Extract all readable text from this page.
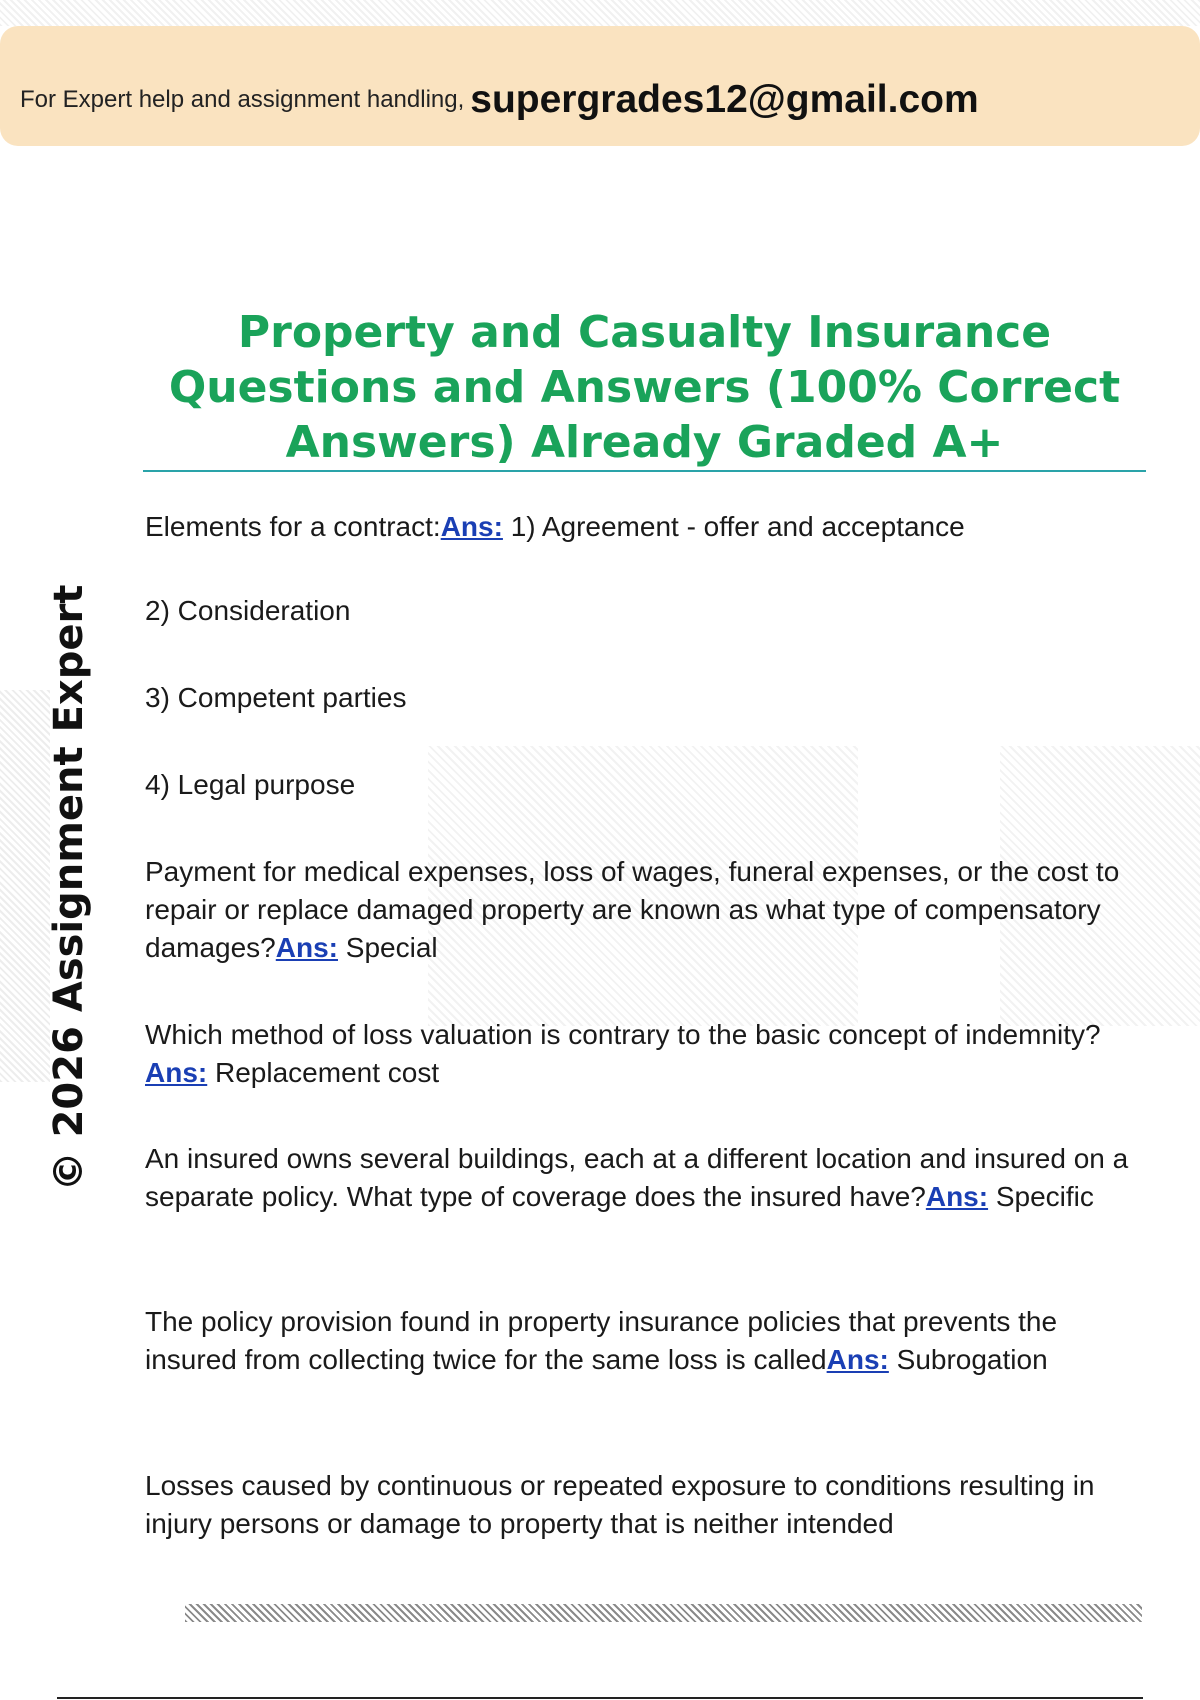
For Expert help and assignment handling, supergrades12@gmail.com
© 2026 Assignment Expert
Property and Casualty Insurance Questions and Answers (100% Correct Answers) Already Graded A+

Elements for a contract:Ans: 1) Agreement - offer and acceptance

2) Consideration

3) Competent parties

4) Legal purpose

Payment for medical expenses, loss of wages, funeral expenses, or the cost to repair or replace damaged property are known as what type of compensatory damages?Ans: Special

Which method of loss valuation is contrary to the basic concept of indemnity?Ans: Replacement cost

An insured owns several buildings, each at a different location and insured on a separate policy. What type of coverage does the insured have?Ans: Specific

The policy provision found in property insurance policies that prevents the insured from collecting twice for the same loss is calledAns: Subrogation

Losses caused by continuous or repeated exposure to conditions resulting in injury persons or damage to property that is neither intended
